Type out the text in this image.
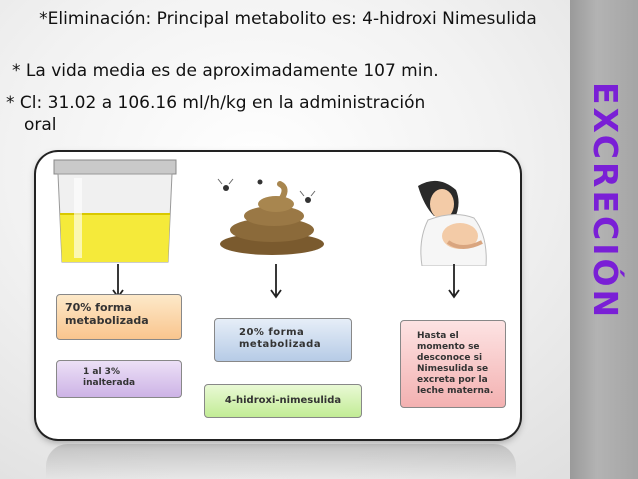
*Eliminación: Principal metabolito es: 4-hidroxi Nimesulida
* La vida media es de aproximadamente 107 min.
* Cl: 31.02 a 106.16 ml/h/kg en la administración
oral	EXCRECIÓN
70% forma
metabolizada
1 al 3%
inalterada
20% forma
metabolizada
4-hidroxi-nimesulida
Hasta el
momento se
desconoce si
Nimesulida se
excreta por la
leche materna.
